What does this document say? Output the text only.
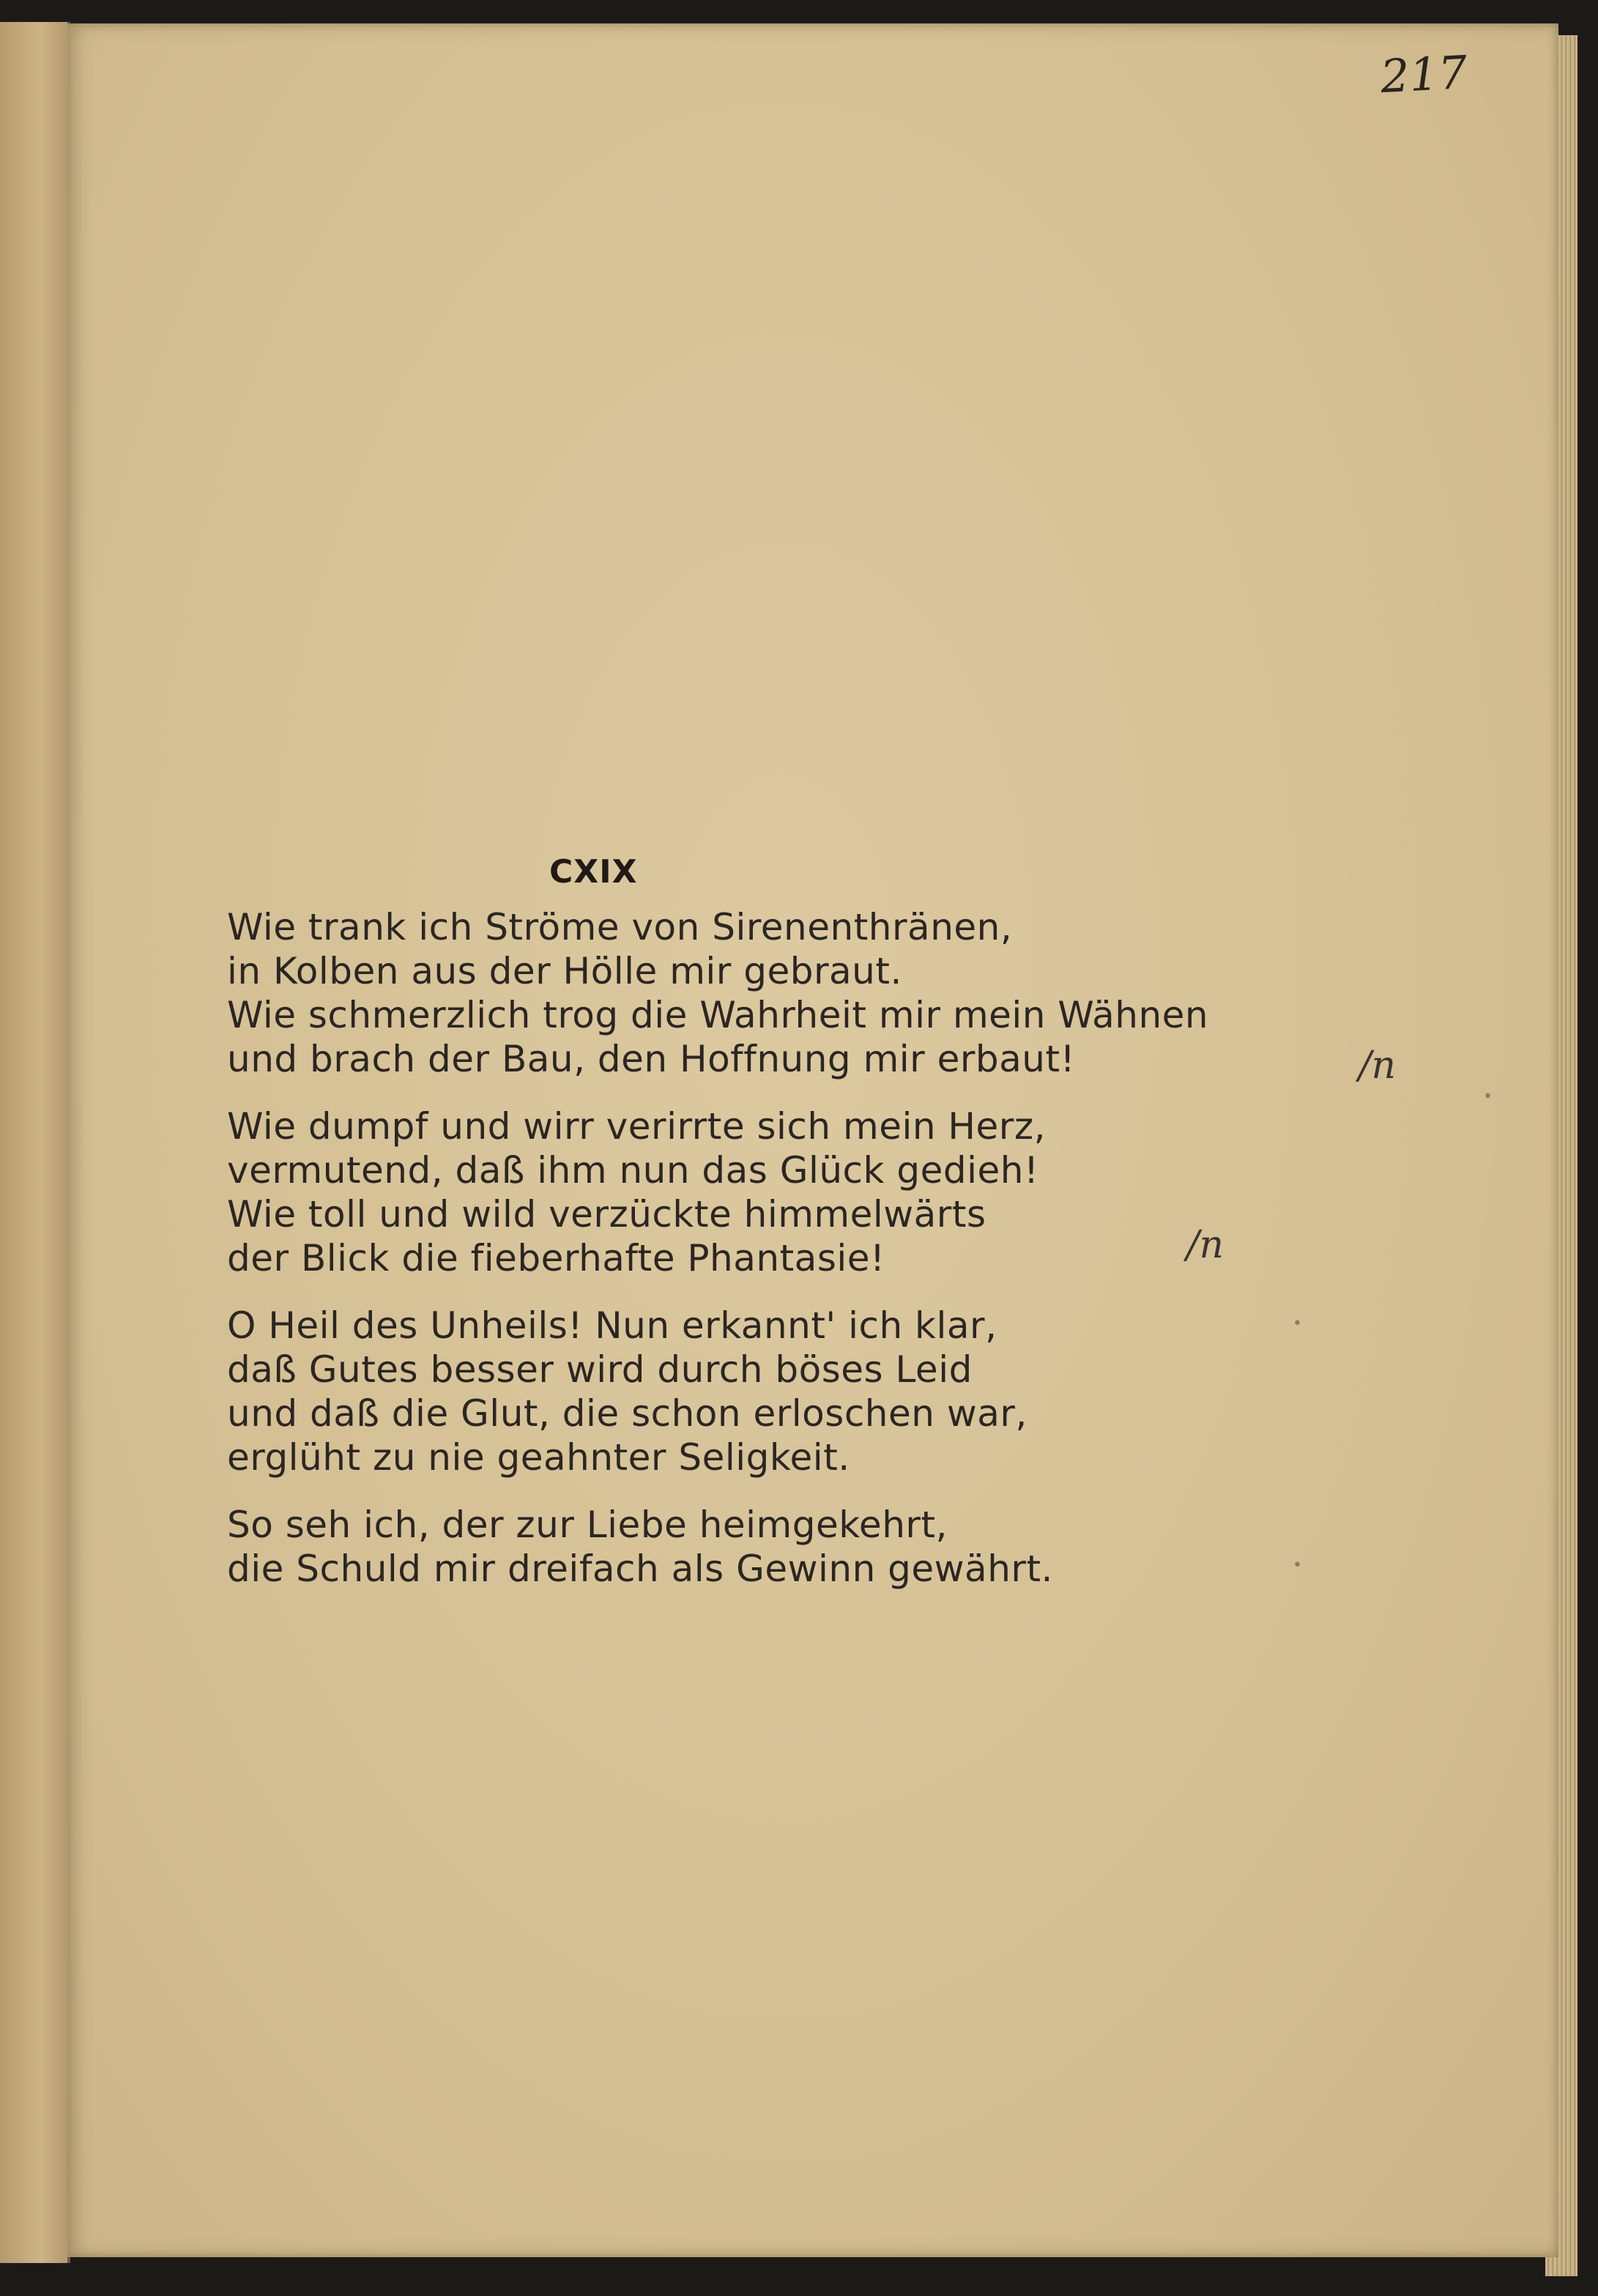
217

CXIX
Wie trank ich Ströme von Sirenenthränen,
in Kolben aus der Hölle mir gebraut.
Wie schmerzlich trog die Wahrheit mir mein Wähnen
und brach der Bau, den Hoffnung mir erbaut!
Wie dumpf und wirr verirrte sich mein Herz,
vermutend, daß ihm nun das Glück gedieh!
Wie toll und wild verzückte himmelwärts
der Blick die fieberhafte Phantasie!
O Heil des Unheils! Nun erkannt' ich klar,
daß Gutes besser wird durch böses Leid
und daß die Glut, die schon erloschen war,
erglüht zu nie geahnter Seligkeit.
So seh ich, der zur Liebe heimgekehrt,
die Schuld mir dreifach als Gewinn gewährt.

/n

/n

•

•

•
